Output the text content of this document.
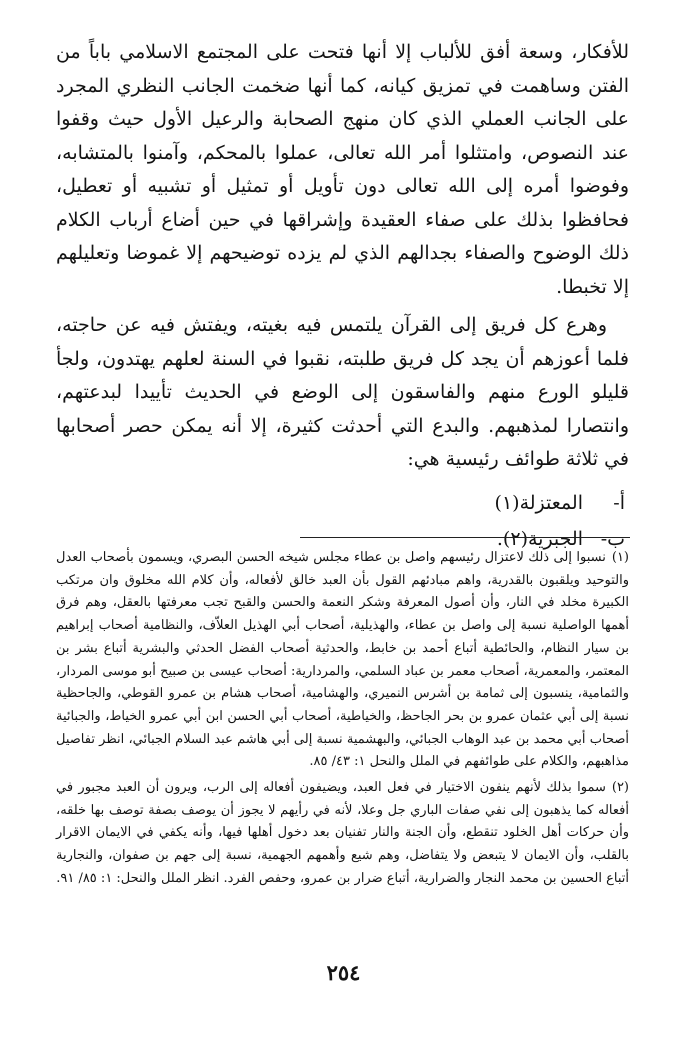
للأفكار، وسعة أفق للألباب إلا أنها فتحت على المجتمع الاسلامي باباً من الفتن وساهمت في تمزيق كيانه، كما أنها ضخمت الجانب النظري المجرد على الجانب العملي الذي كان منهج الصحابة والرعيل الأول حيث وقفوا عند النصوص، وامتثلوا أمر الله تعالى، عملوا بالمحكم، وآمنوا بالمتشابه، وفوضوا أمره إلى الله تعالى دون تأويل أو تمثيل أو تشبيه أو تعطيل، فحافظوا بذلك على صفاء العقيدة وإشراقها في حين أضاع أرباب الكلام ذلك الوضوح والصفاء بجدالهم الذي لم يزده توضيحهم إلا غموضا وتعليلهم إلا تخبطا.

وهرع كل فريق إلى القرآن يلتمس فيه بغيته، ويفتش فيه عن حاجته، فلما أعوزهم أن يجد كل فريق طلبته، نقبوا في السنة لعلهم يهتدون، ولجأ قليلو الورع منهم والفاسقون إلى الوضع في الحديث تأييدا لبدعتهم، وانتصارا لمذهبهم. والبدع التي أحدثت كثيرة، إلا أنه يمكن حصر أصحابها في ثلاثة طوائف رئيسية هي:

أ-المعتزلة(١)
ب-الجبرية(٢).

(١)نسبوا إلى ذلك لاعتزال رئيسهم واصل بن عطاء مجلس شيخه الحسن البصري، ويسمون بأصحاب العدل والتوحيد ويلقبون بالقدرية، واهم مبادئهم القول بأن العبد خالق لأفعاله، وأن كلام الله مخلوق وان مرتكب الكبيرة مخلد في النار، وأن أصول المعرفة وشكر النعمة والحسن والقبح تجب معرفتها بالعقل، وهم فرق أهمها الواصلية نسبة إلى واصل بن عطاء، والهذيلية، أصحاب أبي الهذيل العلاّف، والنظامية أصحاب إبراهيم بن سيار النظام، والحائطية أتباع أحمد بن خابط، والحدثية أصحاب الفضل الحدثي والبشرية أتباع بشر بن المعتمر، والمعمرية، أصحاب معمر بن عباد السلمي، والمردارية: أصحاب عيسى بن صبيح أبو موسى المردار، والثمامية، ينسبون إلى ثمامة بن أشرس النميري، والهشامية، أصحاب هشام بن عمرو القوطي، والجاحظية نسبة إلى أبي عثمان عمرو بن بحر الجاحظ، والخياطية، أصحاب أبي الحسن ابن أبي عمرو الخياط، والجبائية أصحاب أبي محمد بن عبد الوهاب الجبائي، والبهشمية نسبة إلى أبي هاشم عبد السلام الجبائي، انظر تفاصيل مذاهبهم، والكلام على طوائفهم في الملل والنحل ١: ٤٣/ ٨٥.

(٢)سموا بذلك لأنهم ينفون الاختيار في فعل العبد، ويضيفون أفعاله إلى الرب، ويرون أن العبد مجبور في أفعاله كما يذهبون إلى نفي صفات الباري جل وعلا، لأنه في رأيهم لا يجوز أن يوصف بصفة توصف بها خلقه، وأن حركات أهل الخلود تنقطع، وأن الجنة والنار تفنيان بعد دخول أهلها فيها، وأنه يكفي في الايمان الاقرار بالقلب، وأن الايمان لا يتبعض ولا يتفاضل، وهم شيع وأهمهم الجهمية، نسبة إلى جهم بن صفوان، والنجارية أتباع الحسين بن محمد النجار والضرارية، أتباع ضرار بن عمرو، وحفص الفرد. انظر الملل والنحل: ١: ٨٥/ ٩١.

٢٥٤
